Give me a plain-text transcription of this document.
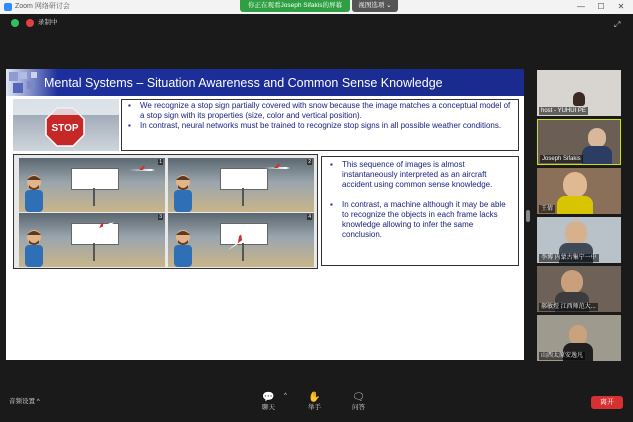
Zoom 网络研讨会	你正在观看Joseph Sifakis的屏幕	视图选项 ⌄	— ☐ ✕
录制中	⤢
Mental Systems – Situation Awareness and Common Sense Knowledge
STOP
▪ We recognize a stop sign partially covered with snow because the image matches a conceptual model of a stop sign with its properties (size, color and vertical position).
▪ In contrast, neural networks must be trained to recognize stop signs in all possible weather conditions.
1	2
3	4
▪ This sequence of images is almost instantaneously interpreted as an aircraft accident using common sense knowledge.
▪ In contrast, a machine although it may be able to recognize the objects in each frame lacks knowledge allowing to infer the same conclusion.
host - YUHUI PE
Joseph Sifakis
王倩
李博 内蒙古集宁一中
郝敏煜 江西师范大...
山西太原安逸凡
音频设置 ^	💬
聊天
^ ✋
举手
🗨
问答
离开
